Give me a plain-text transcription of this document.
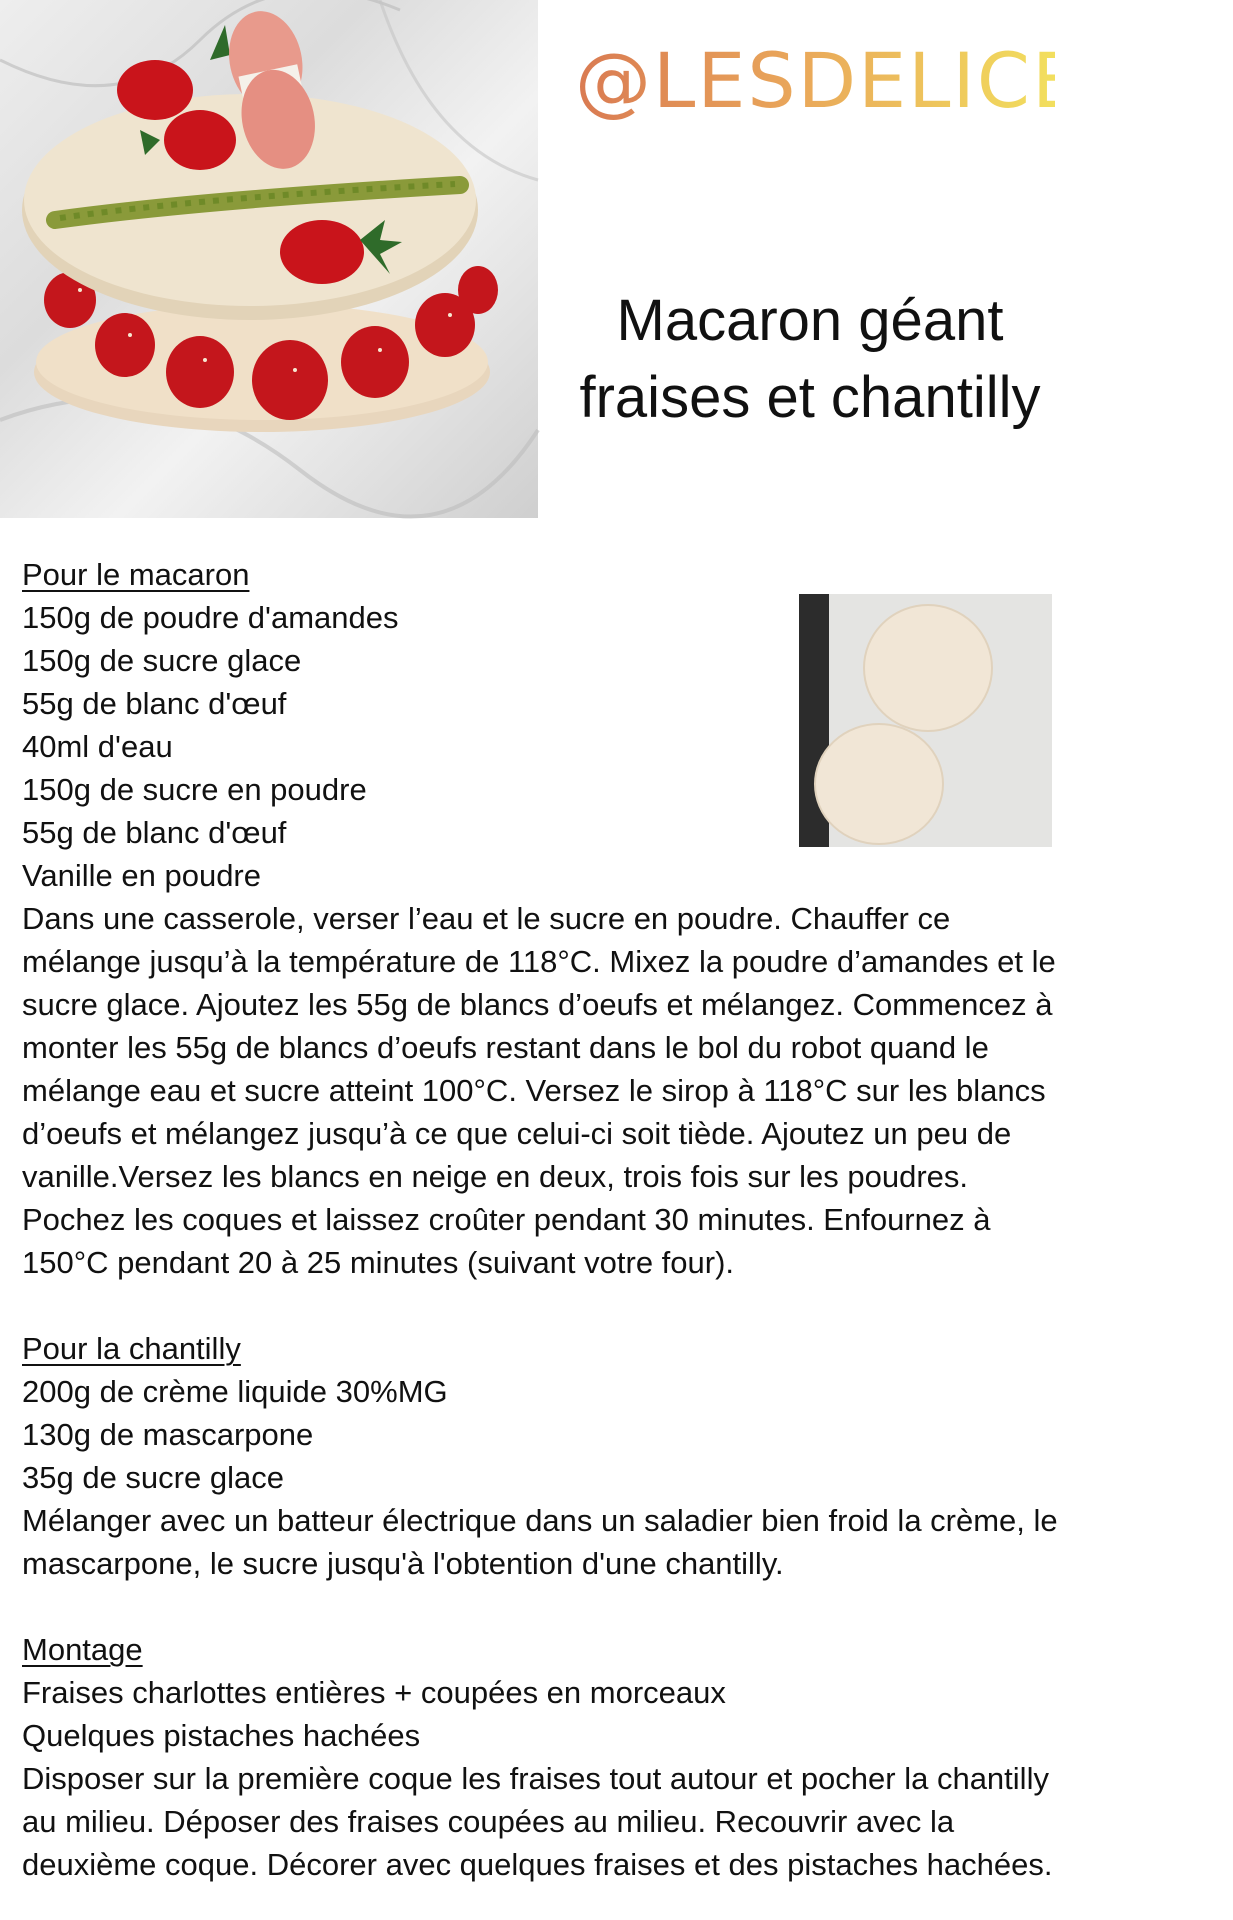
@LESDELICES31
Macaron géant
fraises et chantilly

Pour le macaron

150g de poudre d'amandes

150g de sucre glace

55g de blanc d'œuf

40ml d'eau

150g de sucre en poudre

55g de blanc d'œuf

Vanille en poudre

Dans une casserole, verser l’eau et le sucre en poudre. Chauffer ce mélange jusqu’à la température de 118°C. Mixez la poudre d’amandes et le sucre glace. Ajoutez les 55g de blancs d’oeufs et mélangez. Commencez à monter les 55g de blancs d’oeufs restant dans le bol du robot quand le mélange eau et sucre atteint 100°C. Versez le sirop à 118°C sur les blancs d’oeufs et mélangez jusqu’à ce que celui-ci soit tiède. Ajoutez un peu de vanille.Versez les blancs en neige en deux, trois fois sur les poudres. Pochez les coques et laissez croûter pendant 30 minutes. Enfournez à 150°C pendant 20 à 25 minutes (suivant votre four).

Pour la chantilly

200g de crème liquide 30%MG

130g de mascarpone

35g de sucre glace

Mélanger avec un batteur électrique dans un saladier bien froid la crème, le mascarpone, le sucre jusqu'à l'obtention d'une chantilly.

Montage

Fraises charlottes entières + coupées en morceaux

Quelques pistaches hachées

Disposer sur la première coque les fraises tout autour et pocher la chantilly au milieu. Déposer des fraises coupées au milieu. Recouvrir avec la deuxième coque. Décorer avec quelques fraises et des pistaches hachées.
